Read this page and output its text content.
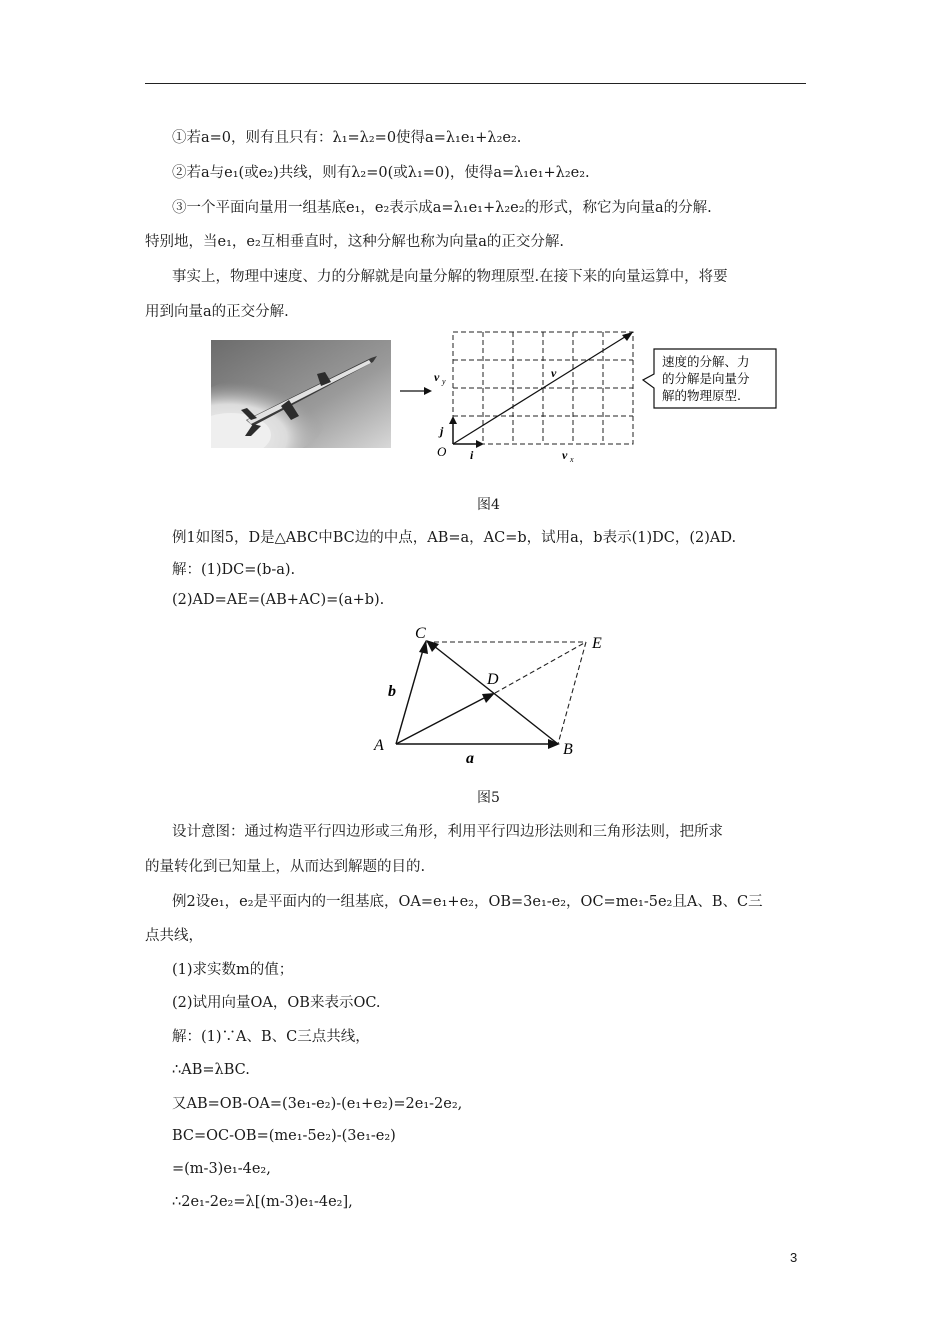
①若a=0，则有且只有：λ₁=λ₂=0使得a=λ₁e₁+λ₂e₂.
②若a与e₁(或e₂)共线，则有λ₂=0(或λ₁=0)，使得a=λ₁e₁+λ₂e₂.
③一个平面向量用一组基底e₁，e₂表示成a=λ₁e₁+λ₂e₂的形式，称它为向量a的分解.
特别地，当e₁，e₂互相垂直时，这种分解也称为向量a的正交分解.
事实上，物理中速度、力的分解就是向量分解的物理原型.在接下来的向量运算中，将要
用到向量a的正交分解.
v y
v
j
O i	v x
速度的分解、力
的分解是向量分
解的物理原型.
图4
例1如图5，D是△ABC中BC边的中点，AB=a，AC=b，试用a，b表示(1)DC，(2)AD.
解：(1)DC=(b-a).
(2)AD=AE=(AB+AC)=(a+b).
C
E
D
A	B
a
b
图5
设计意图：通过构造平行四边形或三角形，利用平行四边形法则和三角形法则，把所求
的量转化到已知量上，从而达到解题的目的.
例2设e₁，e₂是平面内的一组基底，OA=e₁+e₂，OB=3e₁-e₂，OC=me₁-5e₂且A、B、C三
点共线，
(1)求实数m的值；
(2)试用向量OA，OB来表示OC.
解：(1)∵A、B、C三点共线，
∴AB=λBC.
又AB=OB-OA=(3e₁-e₂)-(e₁+e₂)=2e₁-2e₂,
BC=OC-OB=(me₁-5e₂)-(3e₁-e₂)
=(m-3)e₁-4e₂,
∴2e₁-2e₂=λ[(m-3)e₁-4e₂],
3
